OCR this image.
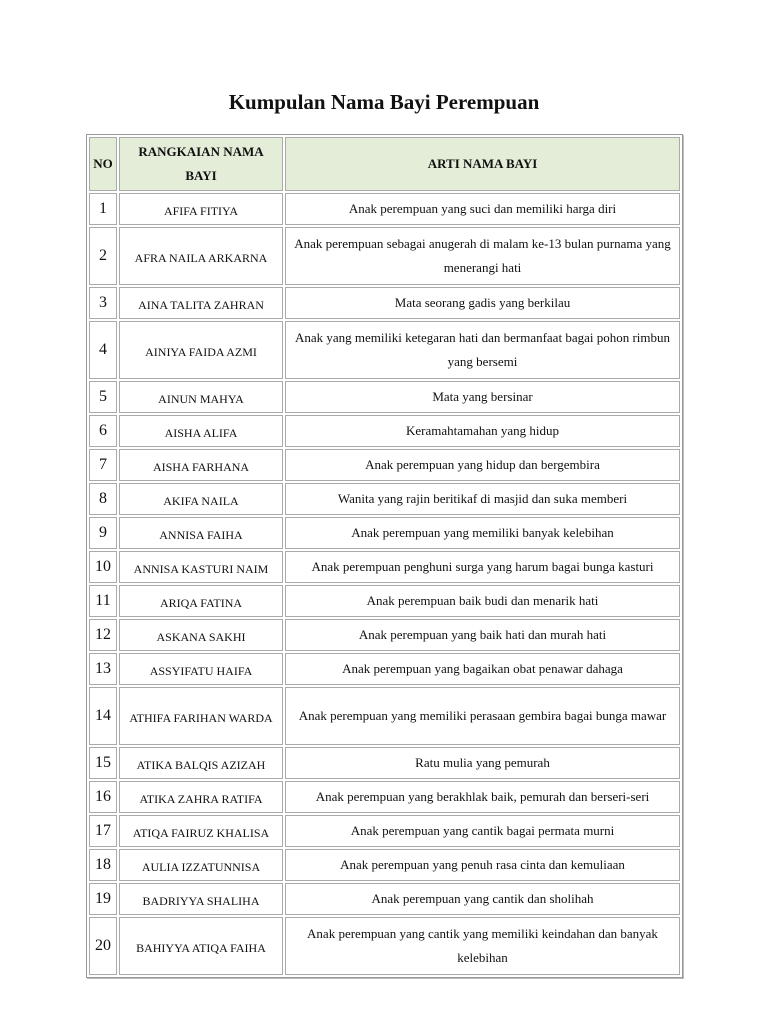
Kumpulan Nama Bayi Perempuan
NO	RANGKAIAN NAMA BAYI	ARTI NAMA BAYI
1	AFIFA FITIYA	Anak perempuan yang suci dan memiliki harga diri
2	AFRA NAILA ARKARNA	Anak perempuan sebagai anugerah di malam ke-13 bulan purnama yang menerangi hati
3	AINA TALITA ZAHRAN	Mata seorang gadis yang berkilau
4	AINIYA FAIDA AZMI	Anak yang memiliki ketegaran hati dan bermanfaat bagai pohon rimbun yang bersemi
5	AINUN MAHYA	Mata yang bersinar
6	AISHA ALIFA	Keramahtamahan yang hidup
7	AISHA FARHANA	Anak perempuan yang hidup dan bergembira
8	AKIFA NAILA	Wanita yang rajin beritikaf di masjid dan suka memberi
9	ANNISA FAIHA	Anak perempuan yang memiliki banyak kelebihan
10	ANNISA KASTURI NAIM	Anak perempuan penghuni surga yang harum bagai bunga kasturi
11	ARIQA FATINA	Anak perempuan baik budi dan menarik hati
12	ASKANA SAKHI	Anak perempuan yang baik hati dan murah hati
13	ASSYIFATU HAIFA	Anak perempuan yang bagaikan obat penawar dahaga
14	ATHIFA FARIHAN WARDA	Anak perempuan yang memiliki perasaan gembira bagai bunga mawar
15	ATIKA BALQIS AZIZAH	Ratu mulia yang pemurah
16	ATIKA ZAHRA RATIFA	Anak perempuan yang berakhlak baik, pemurah dan berseri-seri
17	ATIQA FAIRUZ KHALISA	Anak perempuan yang cantik bagai permata murni
18	AULIA IZZATUNNISA	Anak perempuan yang penuh rasa cinta dan kemuliaan
19	BADRIYYA SHALIHA	Anak perempuan yang cantik dan sholihah
20	BAHIYYA ATIQA FAIHA	Anak perempuan yang cantik yang memiliki keindahan dan banyak kelebihan
